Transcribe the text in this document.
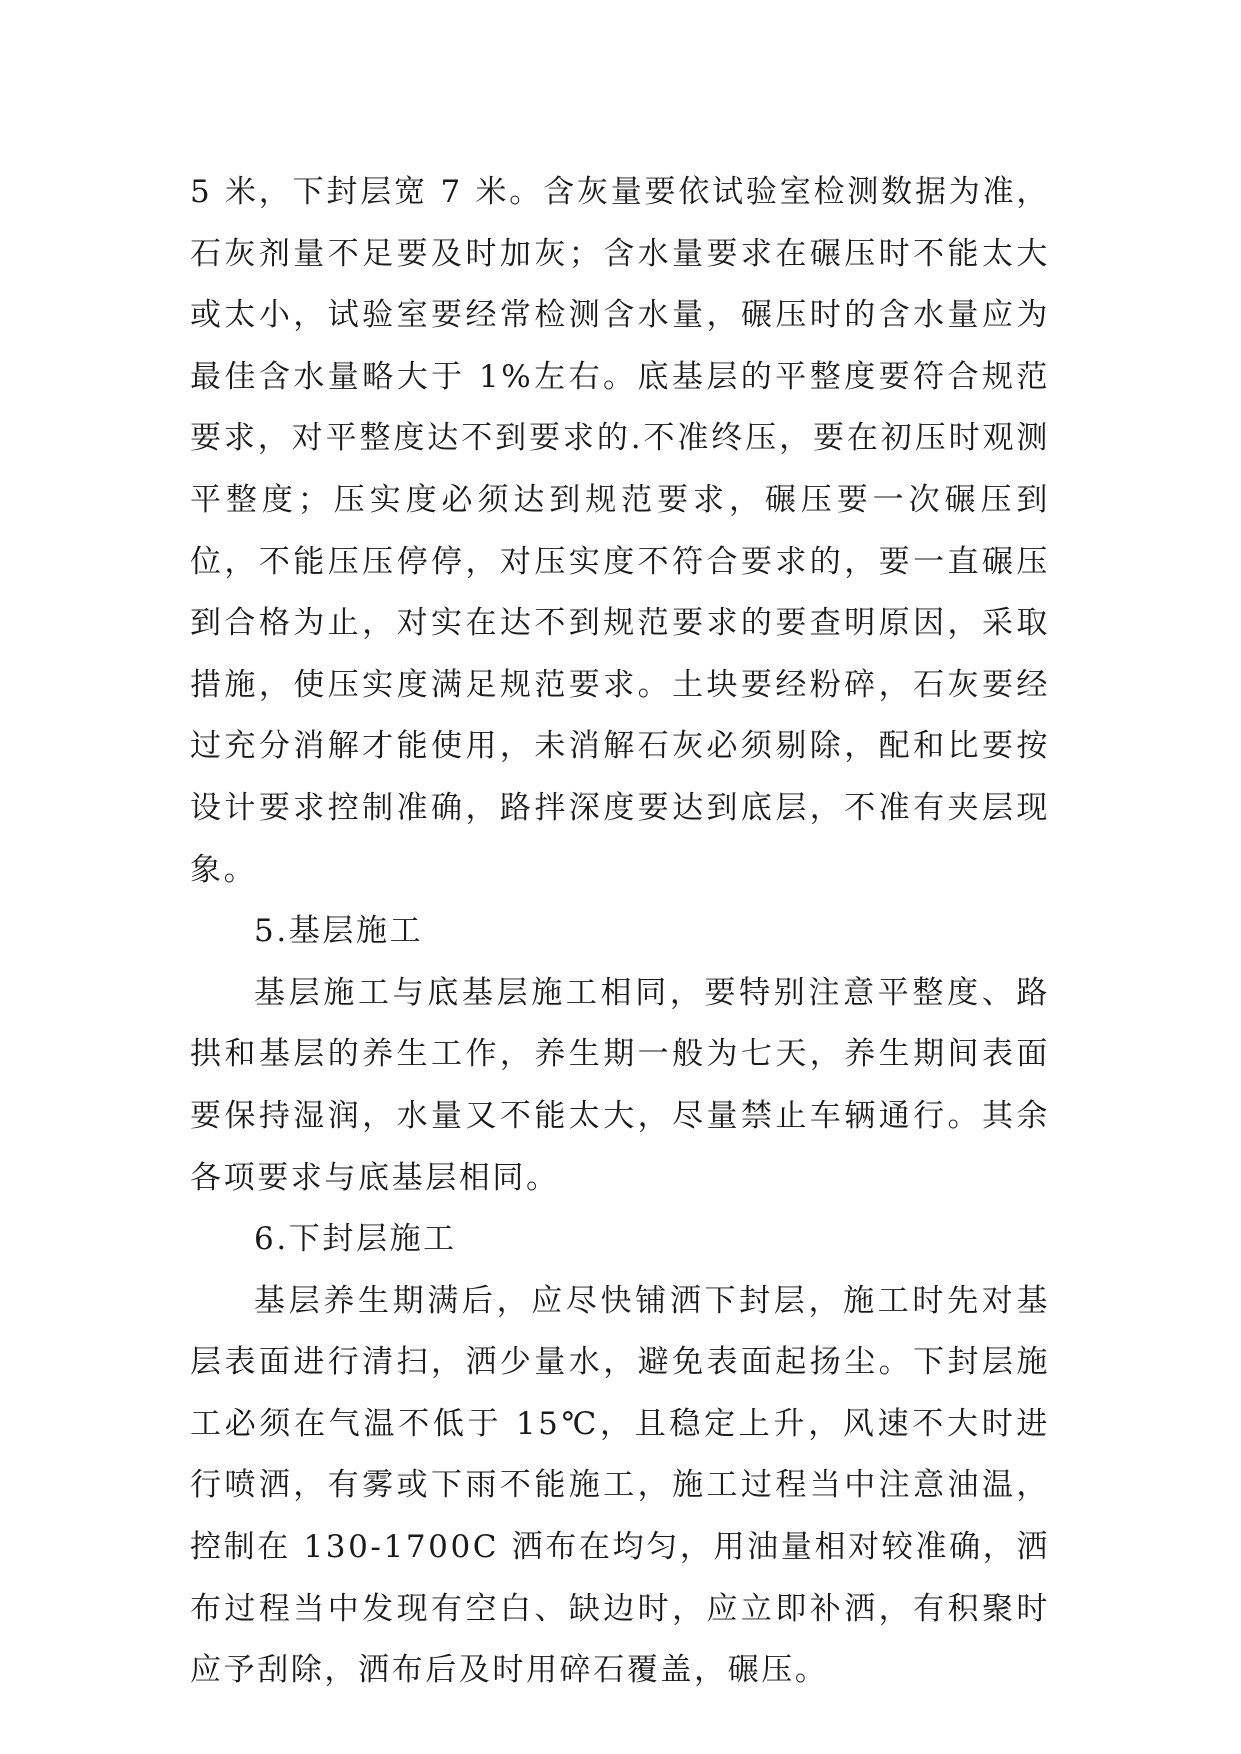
5 米，下封层宽 7 米。含灰量要依试验室检测数据为准，石灰剂量不足要及时加灰；含水量要求在碾压时不能太大或太小，试验室要经常检测含水量，碾压时的含水量应为最佳含水量略大于 1%左右。底基层的平整度要符合规范要求，对平整度达不到要求的.不准终压，要在初压时观测平整度；压实度必须达到规范要求，碾压要一次碾压到位，不能压压停停，对压实度不符合要求的，要一直碾压到合格为止，对实在达不到规范要求的要查明原因，采取措施，使压实度满足规范要求。土块要经粉碎，石灰要经过充分消解才能使用，未消解石灰必须剔除，配和比要按设计要求控制准确，路拌深度要达到底层，不准有夹层现象。

5.基层施工

基层施工与底基层施工相同，要特别注意平整度、路拱和基层的养生工作，养生期一般为七天，养生期间表面要保持湿润，水量又不能太大，尽量禁止车辆通行。其余各项要求与底基层相同。

6.下封层施工

基层养生期满后，应尽快铺洒下封层，施工时先对基层表面进行清扫，洒少量水，避免表面起扬尘。下封层施工必须在气温不低于 15℃，且稳定上升，风速不大时进行喷洒，有雾或下雨不能施工，施工过程当中注意油温，控制在 130-1700C 洒布在均匀，用油量相对较准确，洒布过程当中发现有空白、缺边时，应立即补洒，有积聚时应予刮除，洒布后及时用碎石覆盖，碾压。
